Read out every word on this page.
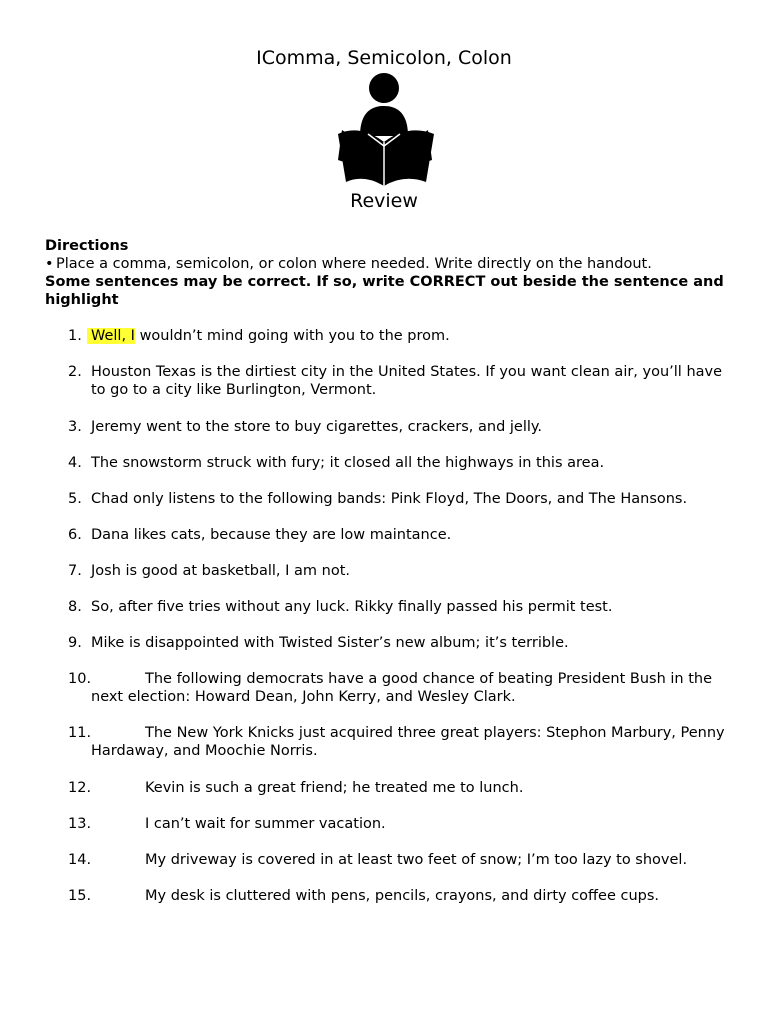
IComma, Semicolon, Colon
Review
Directions
• Place a comma, semicolon, or colon where needed. Write directly on the handout.
Some sentences may be correct. If so, write CORRECT out beside the sentence and highlight
1. Well, I wouldn’t mind going with you to the prom.
2. Houston Texas is the dirtiest city in the United States. If you want clean air, you’ll have to go to a city like Burlington, Vermont.
3. Jeremy went to the store to buy cigarettes, crackers, and jelly.
4. The snowstorm struck with fury; it closed all the highways in this area.
5. Chad only listens to the following bands: Pink Floyd, The Doors, and The Hansons.
6. Dana likes cats, because they are low maintance.
7. Josh is good at basketball, I am not.
8. So, after five tries without any luck. Rikky finally passed his permit test.
9. Mike is disappointed with Twisted Sister’s new album; it’s terrible.
10.	The following democrats have a good chance of beating President Bush in the next election: Howard Dean, John Kerry, and Wesley Clark.
11.	The New York Knicks just acquired three great players: Stephon Marbury, Penny Hardaway, and Moochie Norris.
12.	Kevin is such a great friend; he treated me to lunch.
13.	I can’t wait for summer vacation.
14.	My driveway is covered in at least two feet of snow; I’m too lazy to shovel.
15.	My desk is cluttered with pens, pencils, crayons, and dirty coffee cups.
